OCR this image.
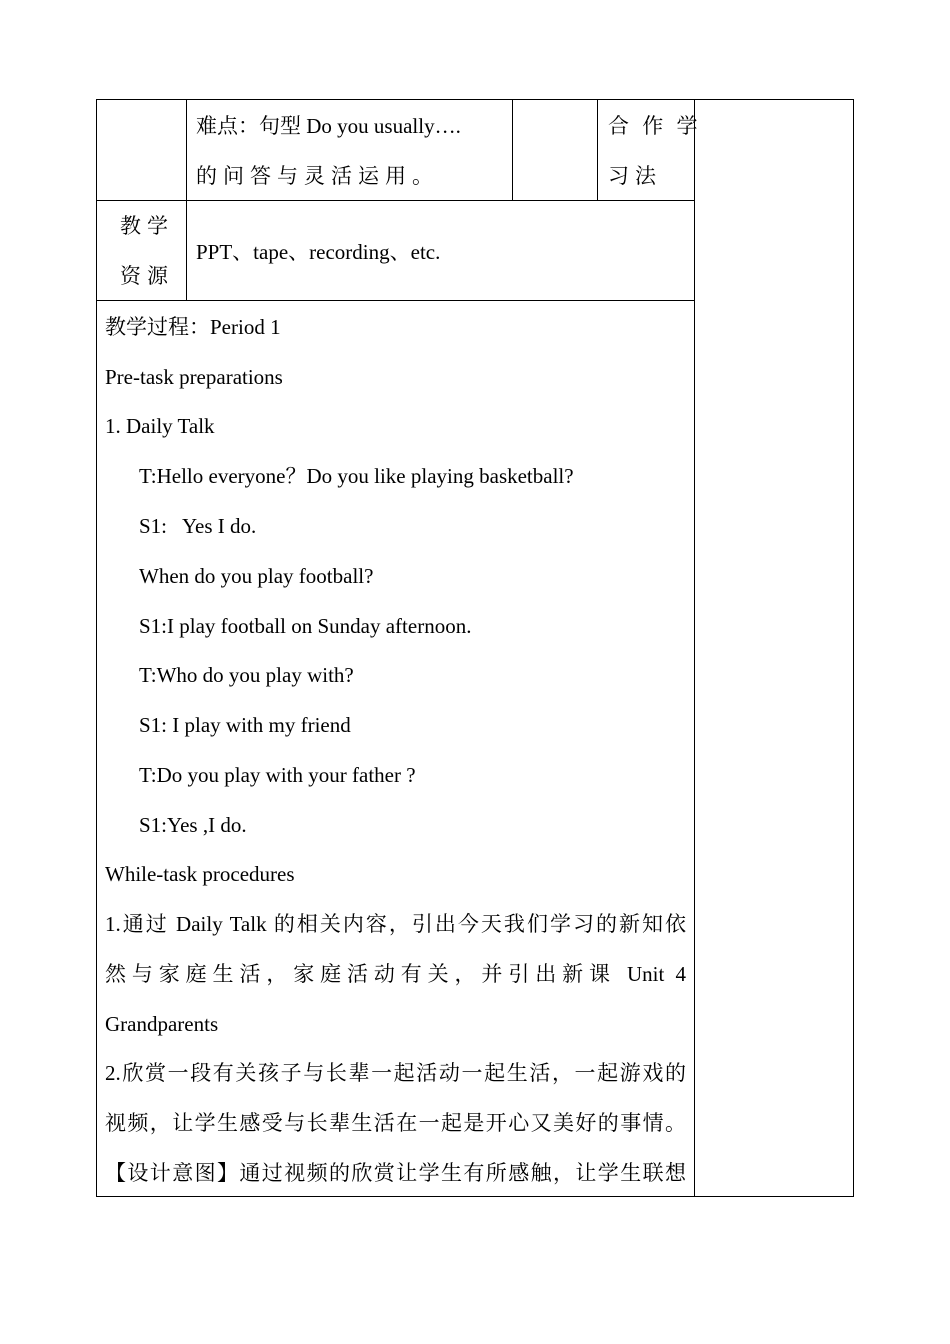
难点：句型 Do you usually….
的问答与灵活运用。
合 作 学
习法
教学
资源
PPT、tape、recording、etc.
教学过程：Period 1
Pre-task preparations
1. Daily Talk
T:Hello everyone？Do you like playing basketball?
S1:   Yes I do.
When do you play football?
S1:I play football on Sunday afternoon.
T:Who do you play with?
S1: I play with my friend
T:Do you play with your father ?
S1:Yes ,I do.
While-task procedures
1.通过 Daily Talk 的相关内容，引出今天我们学习的新知依
然与家庭生活，家庭活动有关，并引出新课 Unit 4
Grandparents
2.欣赏一段有关孩子与长辈一起活动一起生活，一起游戏的
视频，让学生感受与长辈生活在一起是开心又美好的事情。
【设计意图】通过视频的欣赏让学生有所感触，让学生联想
